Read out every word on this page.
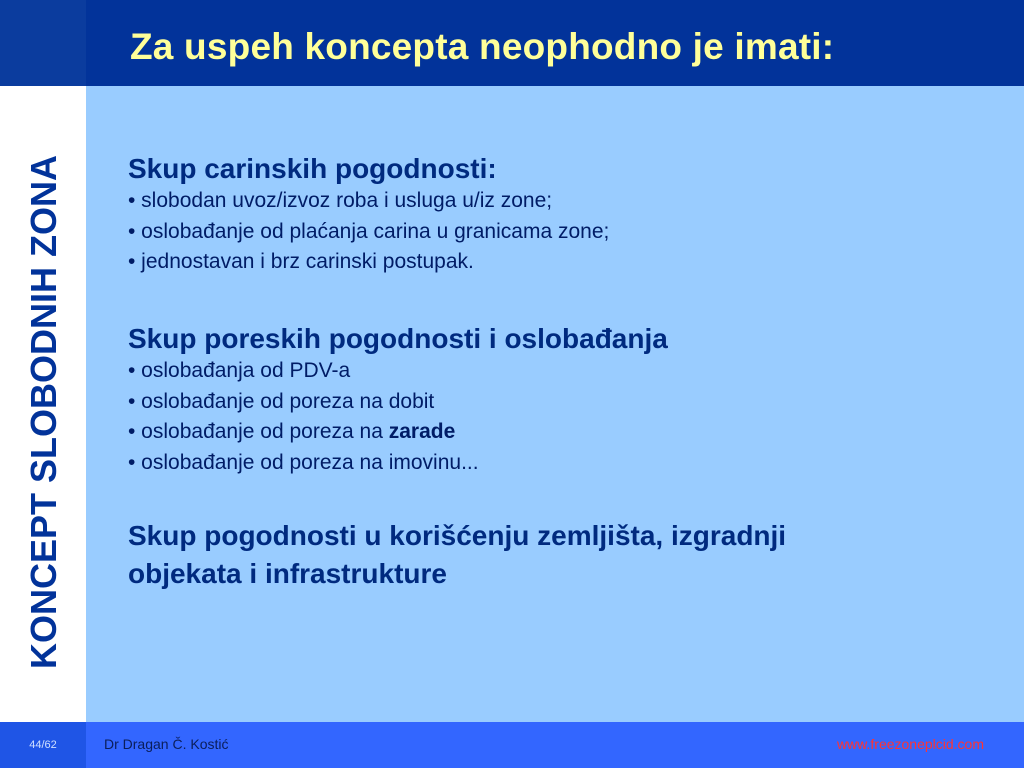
Za uspeh koncepta neophodno je imati:
KONCEPT SLOBODNIH ZONA Skup carinskih pogodnosti:

• slobodan uvoz/izvoz roba i usluga u/iz zone;

• oslobađanje od plaćanja carina u granicama zone;

• jednostavan i brz carinski postupak.

Skup poreskih pogodnosti i oslobađanja

• oslobađanja od PDV-a

• oslobađanje od poreza na dobit

• oslobađanje od poreza na zarade

• oslobađanje od poreza na imovinu...

Skup pogodnosti u korišćenju zemljišta, izgradnji

objekata i infrastrukture

44/62	Dr Dragan Č. Kostić	www.freezoneplcid.com
